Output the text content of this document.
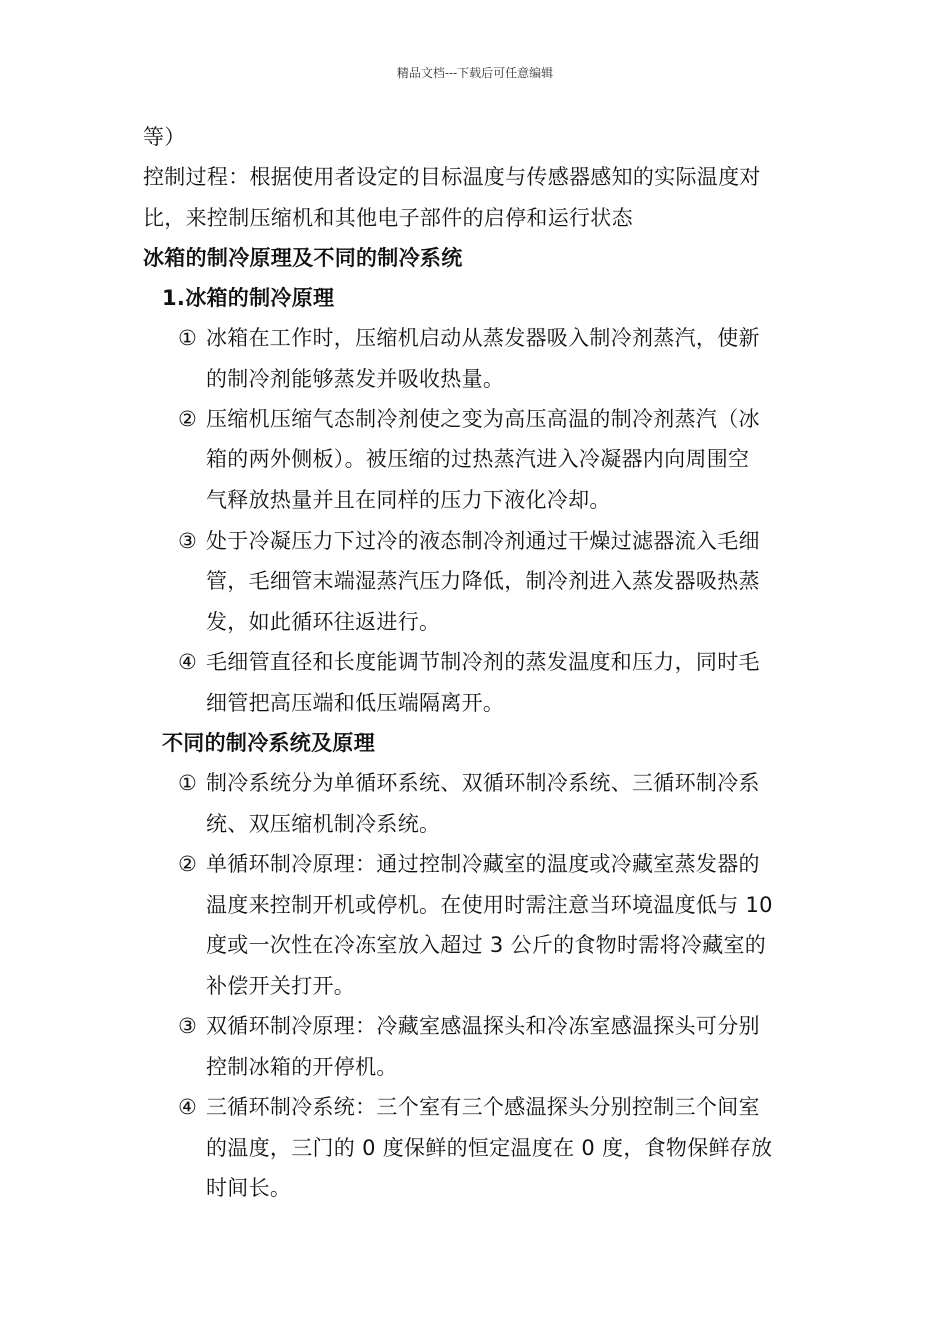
精品文档---下载后可任意编辑
等）
控制过程：根据使用者设定的目标温度与传感器感知的实际温度对
比，来控制压缩机和其他电子部件的启停和运行状态
冰箱的制冷原理及不同的制冷系统
1.冰箱的制冷原理
① 冰箱在工作时，压缩机启动从蒸发器吸入制冷剂蒸汽，使新
的制冷剂能够蒸发并吸收热量。
② 压缩机压缩气态制冷剂使之变为高压高温的制冷剂蒸汽（冰
箱的两外侧板）。被压缩的过热蒸汽进入冷凝器内向周围空
气释放热量并且在同样的压力下液化冷却。
③ 处于冷凝压力下过冷的液态制冷剂通过干燥过滤器流入毛细
管，毛细管末端湿蒸汽压力降低，制冷剂进入蒸发器吸热蒸
发，如此循环往返进行。
④ 毛细管直径和长度能调节制冷剂的蒸发温度和压力，同时毛
细管把高压端和低压端隔离开。
不同的制冷系统及原理
① 制冷系统分为单循环系统、双循环制冷系统、三循环制冷系
统、双压缩机制冷系统。
② 单循环制冷原理：通过控制冷藏室的温度或冷藏室蒸发器的
温度来控制开机或停机。在使用时需注意当环境温度低与 10
度或一次性在冷冻室放入超过 3 公斤的食物时需将冷藏室的
补偿开关打开。
③ 双循环制冷原理：冷藏室感温探头和冷冻室感温探头可分别
控制冰箱的开停机。
④ 三循环制冷系统：三个室有三个感温探头分别控制三个间室
的温度，三门的 0 度保鲜的恒定温度在 0 度，食物保鲜存放
时间长。
